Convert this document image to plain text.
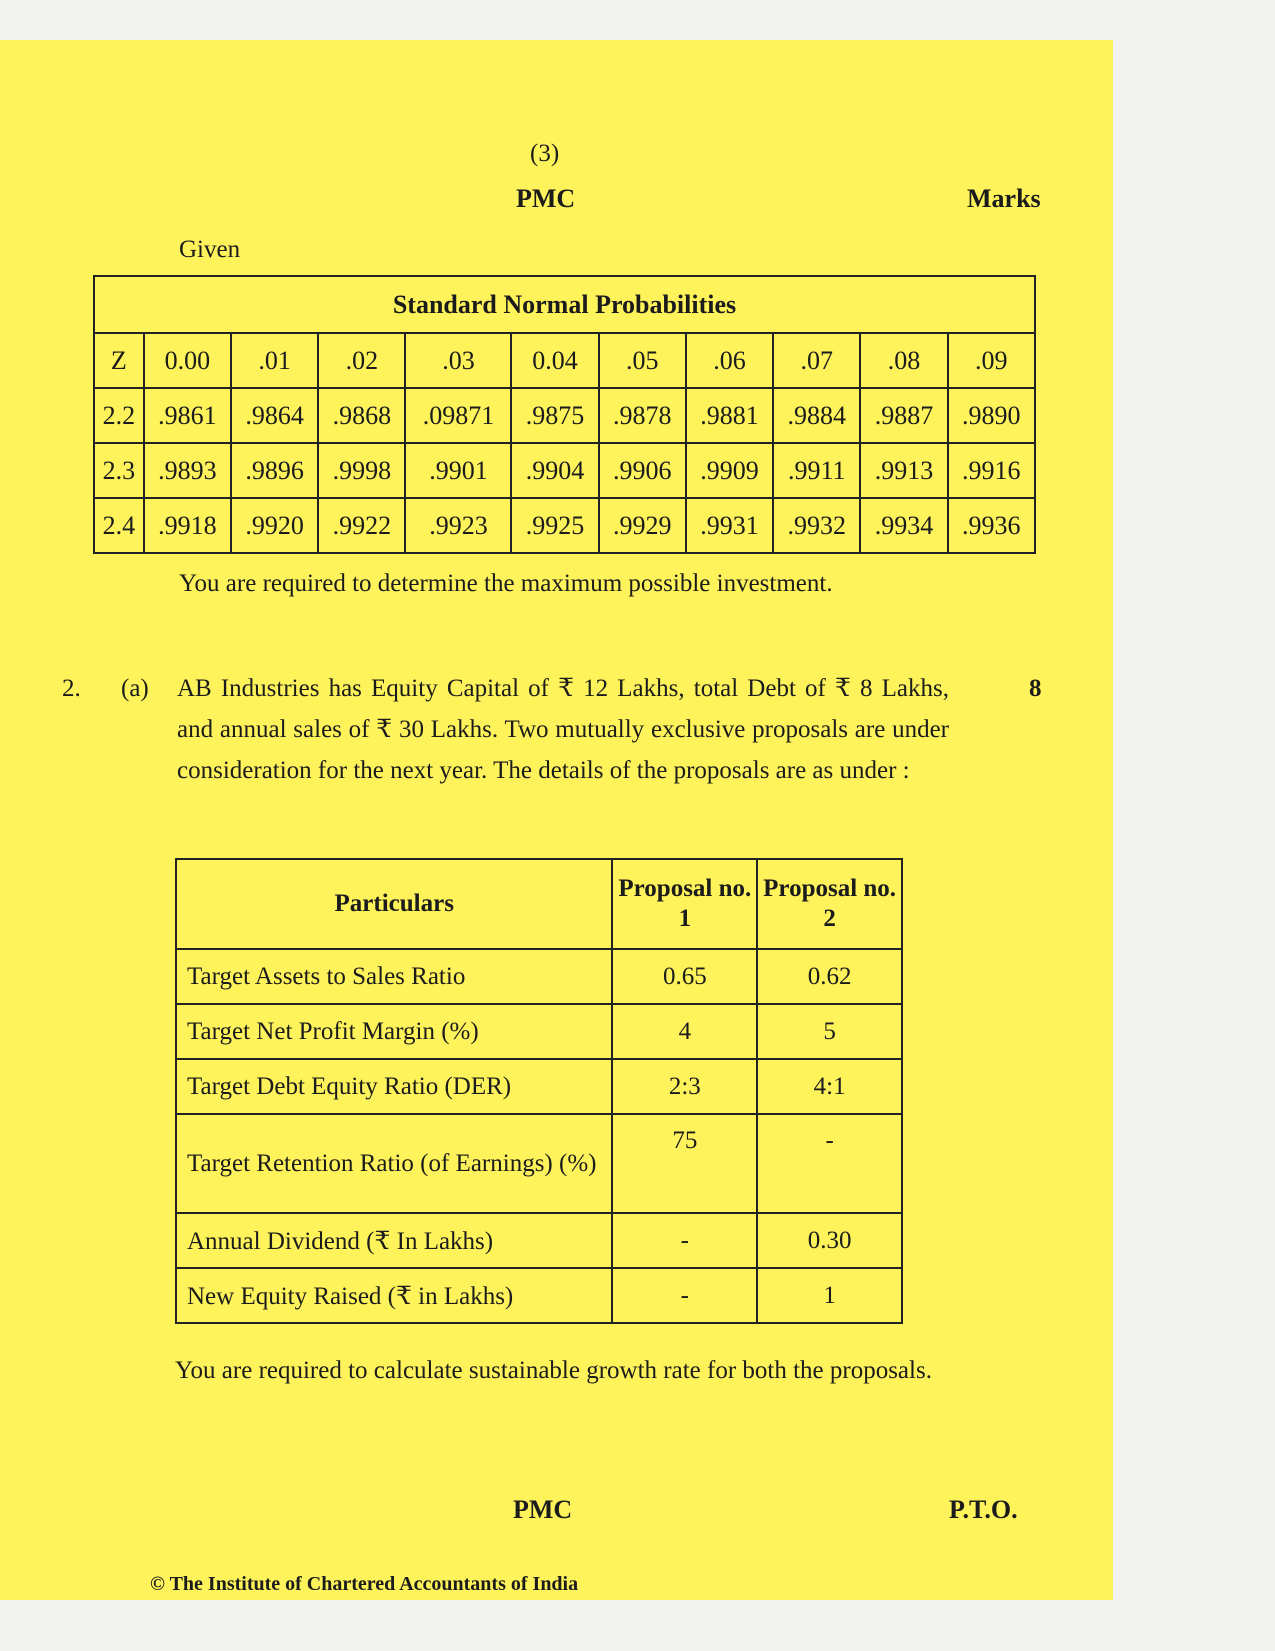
(3)
PMC	Marks
Given
Standard Normal Probabilities										
Z	0.00	.01	.02	.03	0.04	.05	.06	.07	.08	.09
2.2	.9861	.9864	.9868	.09871	.9875	.9878	.9881	.9884	.9887	.9890
2.3	.9893	.9896	.9998	.9901	.9904	.9906	.9909	.9911	.9913	.9916
2.4	.9918	.9920	.9922	.9923	.9925	.9929	.9931	.9932	.9934	.9936
You are required to determine the maximum possible investment.
2. (a) AB Industries has Equity Capital of ₹ 12 Lakhs, total Debt of ₹ 8 Lakhs, and annual sales of ₹ 30 Lakhs. Two mutually exclusive proposals are under consideration for the next year. The details of the proposals are as under :
8
Particulars	Proposal no. 1	Proposal no. 2
Target Assets to Sales Ratio	0.65	0.62
Target Net Profit Margin (%)	4	5
Target Debt Equity Ratio (DER)	2:3	4:1
Target Retention Ratio (of Earnings) (%)	75	-
Annual Dividend (₹ In Lakhs)	-	0.30
New Equity Raised (₹ in Lakhs)	-	1
You are required to calculate sustainable growth rate for both the proposals.
PMC	P.T.O.
© The Institute of Chartered Accountants of India
